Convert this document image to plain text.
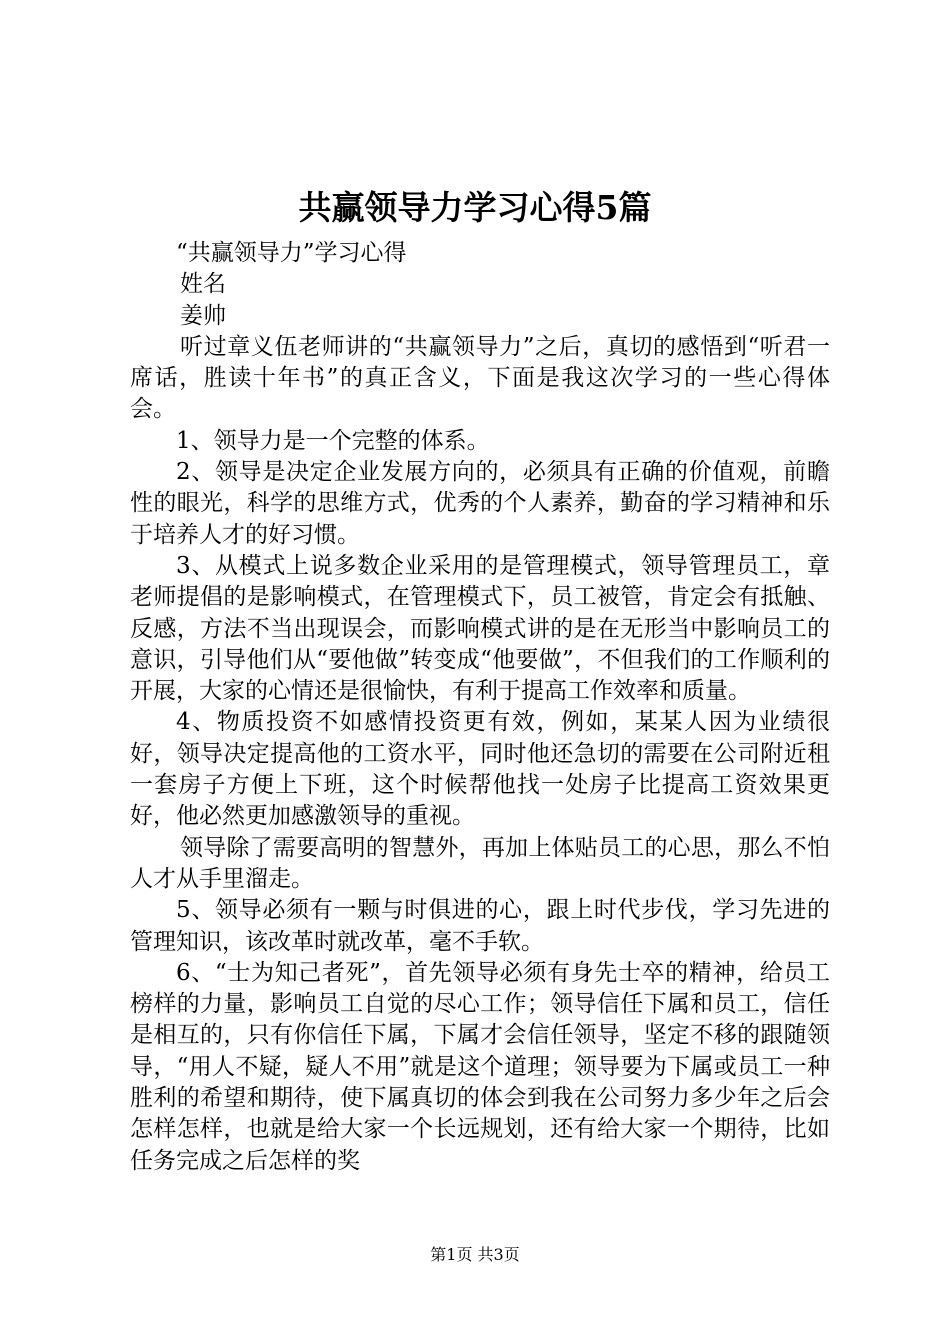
共赢领导力学习心得5篇

“共赢领导力”学习心得

姓名

姜帅

听过章义伍老师讲的“共赢领导力”之后，真切的感悟到“听君一席话，胜读十年书”的真正含义，下面是我这次学习的一些心得体会。

1、领导力是一个完整的体系。

2、领导是决定企业发展方向的，必须具有正确的价值观，前瞻性的眼光，科学的思维方式，优秀的个人素养，勤奋的学习精神和乐于培养人才的好习惯。

3、从模式上说多数企业采用的是管理模式，领导管理员工，章老师提倡的是影响模式，在管理模式下，员工被管，肯定会有抵触、反感，方法不当出现误会，而影响模式讲的是在无形当中影响员工的意识，引导他们从“要他做”转变成“他要做”，不但我们的工作顺利的开展，大家的心情还是很愉快，有利于提高工作效率和质量。

4、物质投资不如感情投资更有效，例如，某某人因为业绩很好，领导决定提高他的工资水平，同时他还急切的需要在公司附近租一套房子方便上下班，这个时候帮他找一处房子比提高工资效果更好，他必然更加感激领导的重视。

领导除了需要高明的智慧外，再加上体贴员工的心思，那么不怕人才从手里溜走。

5、领导必须有一颗与时俱进的心，跟上时代步伐，学习先进的管理知识，该改革时就改革，毫不手软。

6、“士为知己者死”，首先领导必须有身先士卒的精神，给员工榜样的力量，影响员工自觉的尽心工作；领导信任下属和员工，信任是相互的，只有你信任下属，下属才会信任领导，坚定不移的跟随领导，“用人不疑，疑人不用”就是这个道理；领导要为下属或员工一种胜利的希望和期待，使下属真切的体会到我在公司努力多少年之后会怎样怎样，也就是给大家一个长远规划，还有给大家一个期待，比如任务完成之后怎样的奖

第1页 共3页
